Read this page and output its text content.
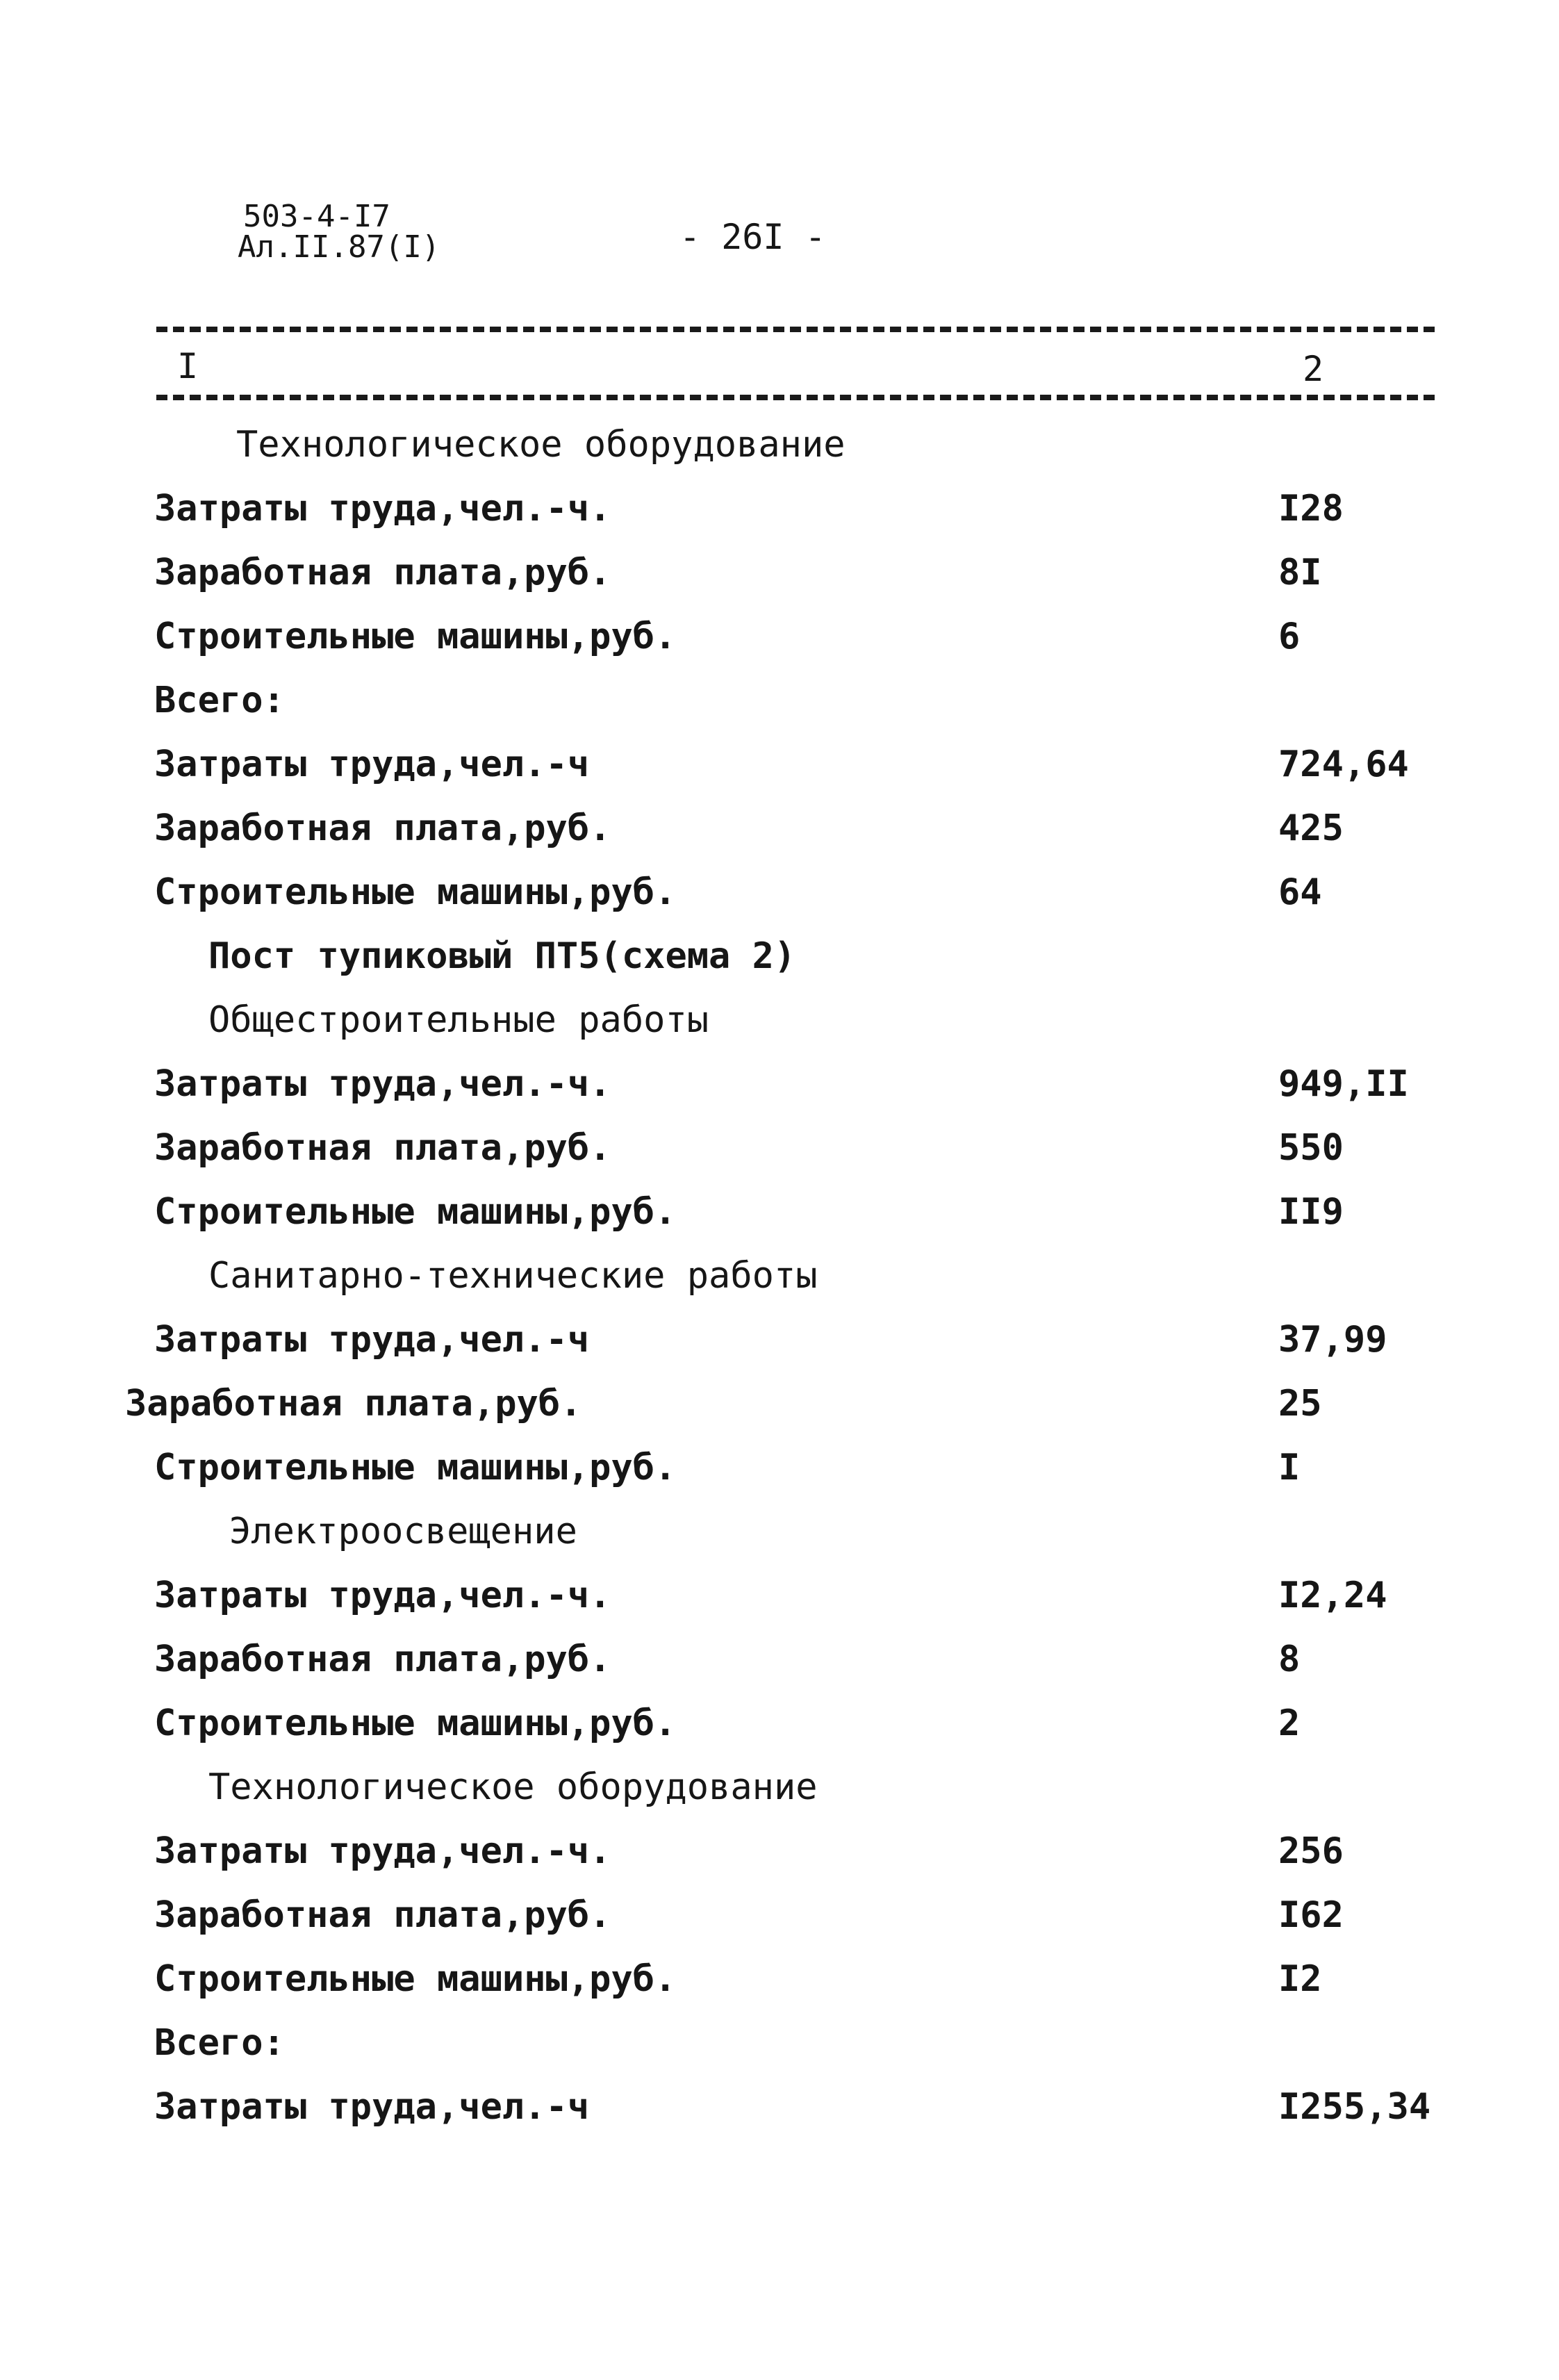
503-4-I7
Ал.II.87(I)	- 26I -
I	2
Технологическое оборудование
Затраты труда,чел.-ч.	I28
Заработная плата,руб.	8I
Строительные машины,руб.	6
Всего:
Затраты труда,чел.-ч	724,64
Заработная плата,руб.	425
Строительные машины,руб.	64
Пост тупиковый ПТ5(схема 2)
Общестроительные работы
Затраты труда,чел.-ч.	949,II
Заработная плата,руб.	550
Строительные машины,руб.	II9
Санитарно-технические работы
Затраты труда,чел.-ч	37,99
Заработная плата,руб.	25
Строительные машины,руб.	I
Электроосвещение
Затраты труда,чел.-ч.	I2,24
Заработная плата,руб.	8
Строительные машины,руб.	2
Технологическое оборудование
Затраты труда,чел.-ч.	256
Заработная плата,руб.	I62
Строительные машины,руб.	I2
Всего:
Затраты труда,чел.-ч	I255,34
